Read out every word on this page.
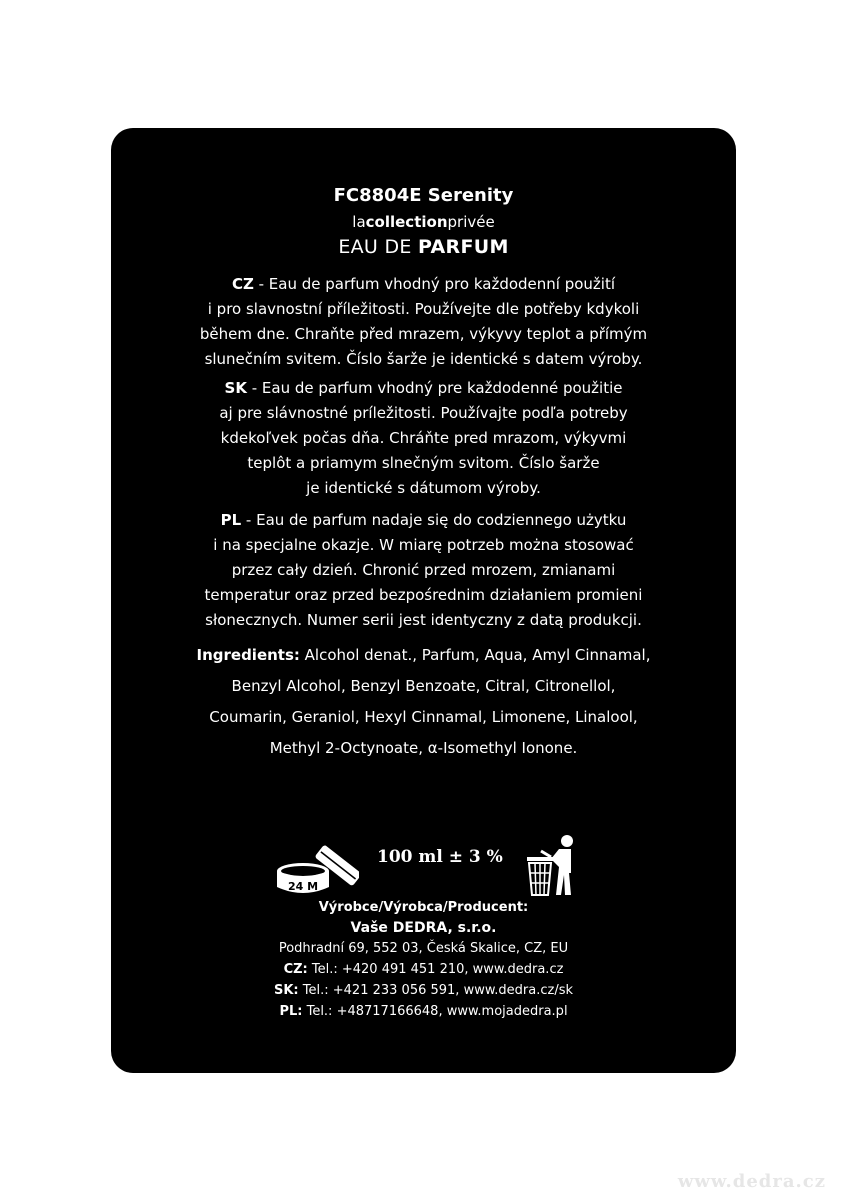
FC8804E Serenity
lacollectionprivée
EAU DE PARFUM
CZ - Eau de parfum vhodný pro každodenní použití
i pro slavnostní příležitosti. Používejte dle potřeby kdykoli
během dne. Chraňte před mrazem, výkyvy teplot a přímým
slunečním svitem. Číslo šarže je identické s datem výroby.
SK - Eau de parfum vhodný pre každodenné použitie
aj pre slávnostné príležitosti. Používajte podľa potreby
kdekoľvek počas dňa. Chráňte pred mrazom, výkyvmi
teplôt a priamym slnečným svitom. Číslo šarže
je identické s dátumom výroby.
PL - Eau de parfum nadaje się do codziennego użytku
i na specjalne okazje. W miarę potrzeb można stosować
przez cały dzień. Chronić przed mrozem, zmianami
temperatur oraz przed bezpośrednim działaniem promieni
słonecznych. Numer serii jest identyczny z datą produkcji.
Ingredients: Alcohol denat., Parfum, Aqua, Amyl Cinnamal,
Benzyl Alcohol, Benzyl Benzoate, Citral, Citronellol,
Coumarin, Geraniol, Hexyl Cinnamal, Limonene, Linalool,
Methyl 2-Octynoate, α-Isomethyl Ionone.
24 M
100 ml ± 3 %
Výrobce/Výrobca/Producent:
Vaše DEDRA, s.r.o.
Podhradní 69, 552 03, Česká Skalice, CZ, EU
CZ: Tel.: +420 491 451 210, www.dedra.cz
SK: Tel.: +421 233 056 591, www.dedra.cz/sk
PL: Tel.: +48717166648, www.mojadedra.pl
www.dedra.cz
